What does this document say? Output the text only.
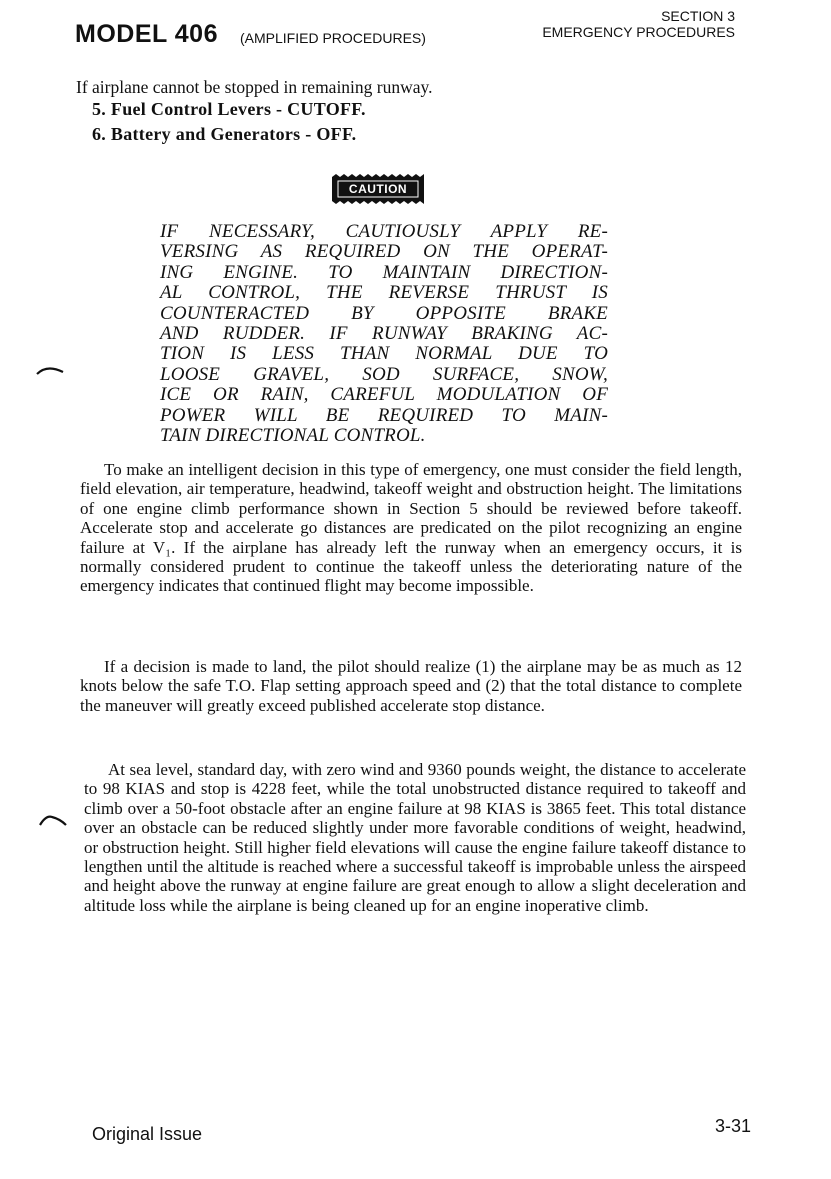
MODEL 406 (AMPLIFIED PROCEDURES)
SECTION 3
EMERGENCY PROCEDURES
If airplane cannot be stopped in remaining runway.
5. Fuel Control Levers - CUTOFF.
6. Battery and Generators - OFF.
CAUTION
IF NECESSARY, CAUTIOUSLY APPLY RE-
VERSING AS REQUIRED ON THE OPERAT-
ING ENGINE. TO MAINTAIN DIRECTION-
AL CONTROL, THE REVERSE THRUST IS
COUNTERACTED BY OPPOSITE BRAKE
AND RUDDER. IF RUNWAY BRAKING AC-
TION IS LESS THAN NORMAL DUE TO
LOOSE GRAVEL, SOD SURFACE, SNOW,
ICE OR RAIN, CAREFUL MODULATION OF
POWER WILL BE REQUIRED TO MAIN-
TAIN DIRECTIONAL CONTROL.
To make an intelligent decision in this type of emergency, one must consider the field length, field elevation, air temperature, headwind, takeoff weight and obstruction height. The limitations of one engine climb performance shown in Section 5 should be reviewed before takeoff. Accelerate stop and accelerate go distances are predicated on the pilot recognizing an engine failure at V₁. If the airplane has already left the runway when an emergency occurs, it is normally considered prudent to continue the takeoff unless the deteriorating nature of the emergency indicates that continued flight may become impossible.
If a decision is made to land, the pilot should realize (1) the airplane may be as much as 12 knots below the safe T.O. Flap setting approach speed and (2) that the total distance to complete the maneuver will greatly exceed published accelerate stop distance.
At sea level, standard day, with zero wind and 9360 pounds weight, the distance to accelerate to 98 KIAS and stop is 4228 feet, while the total unobstructed distance required to takeoff and climb over a 50-foot obstacle after an engine failure at 98 KIAS is 3865 feet. This total distance over an obstacle can be reduced slightly under more favorable conditions of weight, headwind, or obstruction height. Still higher field elevations will cause the engine failure takeoff distance to lengthen until the altitude is reached where a successful takeoff is improbable unless the airspeed and height above the runway at engine failure are great enough to allow a slight deceleration and altitude loss while the airplane is being cleaned up for an engine inoperative climb.
Original Issue	3-31
